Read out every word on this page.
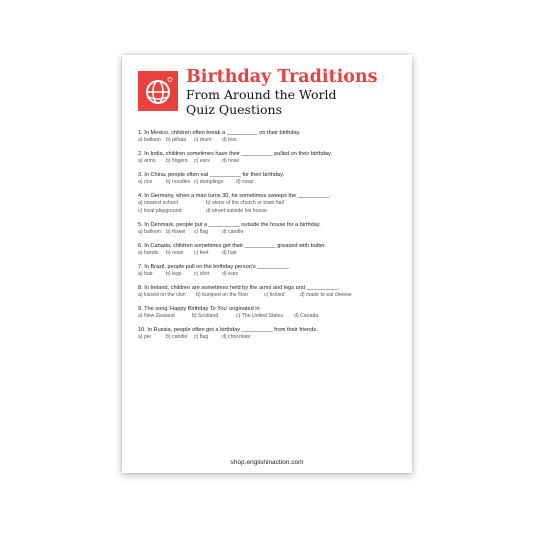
Birthday Traditions
From Around the World
Quiz Questions
1. In Mexico, children often break a __________ on their birthday.
a) balloon	b) piñata	c) drum	d) box
2. In India, children sometimes have their __________ pulled on their birthday.
a) arms	b) fingers	c) ears	d) nose
3. In China, people often eat __________ for their birthday.
a) rice	b) noodles c) dumplings	d) soup
4. In Germany, when a man turns 30, he sometimes sweeps the __________.
a) nearest school	b) steps of the church or town hall
c) local playground	d) street outside his house
5. In Denmark, people put a __________ outside the house for a birthday.
a) balloon	b) flower	c) flag	d) candle
6. In Canada, children sometimes get their __________ greased with butter.
a) hands	b) nose	c) feet	d) hair
7. In Brazil, people pull on the birthday person's __________.
a) hair	b) legs	c) shirt	d) ears
8. In Ireland, children are sometimes held by the arms and legs and __________.
a) kissed on the chin	b) bumped on the floor	c) tickled	d) made to eat cheese
9. The song 'Happy Birthday To You' originated in
a) New Zealand	b) Scotland	c) The United States	d) Canada
10. In Russia, people often get a birthday __________ from their friends.
a) pie	b) candle	c) flag	d) chocolate
shop.englishinaction.com
